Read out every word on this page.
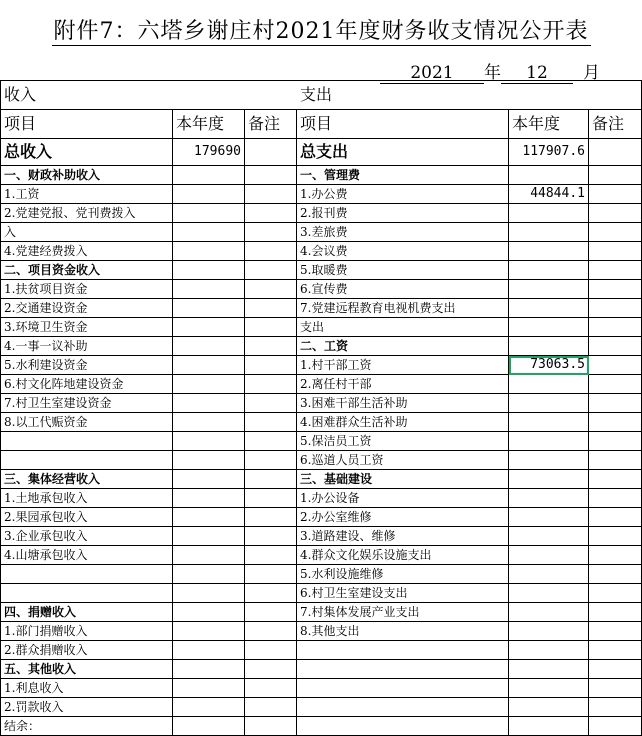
附件7：六塔乡谢庄村2021年度财务收支情况公开表
2021 年 12 月
收入			支出		
项目	本年度	备注	项目	本年度	备注
总收入	179690		总支出	117907.6	
一、财政补助收入			一、管理费		
1.工资			1.办公费	44844.1	
2.党建党报、党刊费拨入			2.报刊费		
入			3.差旅费		
4.党建经费拨入			4.会议费		
二、项目资金收入			5.取暖费		
1.扶贫项目资金			6.宣传费		
2.交通建设资金			7.党建远程教育电视机费支出		
3.环境卫生资金			支出		
4.一事一议补助			二、工资		
5.水利建设资金			1.村干部工资	73063.5	
6.村文化阵地建设资金			2.离任村干部		
7.村卫生室建设资金			3.困难干部生活补助		
8.以工代赈资金			4.困难群众生活补助		
			5.保洁员工资		
			6.巡道人员工资		
三、集体经营收入			三、基础建设		
1.土地承包收入			1.办公设备		
2.果园承包收入			2.办公室维修		
3.企业承包收入			3.道路建设、维修		
4.山塘承包收入			4.群众文化娱乐设施支出		
			5.水利设施维修		
			6.村卫生室建设支出		
四、捐赠收入			7.村集体发展产业支出		
1.部门捐赠收入			8.其他支出		
2.群众捐赠收入					
五、其他收入					
1.利息收入					
2.罚款收入					
结余：					
